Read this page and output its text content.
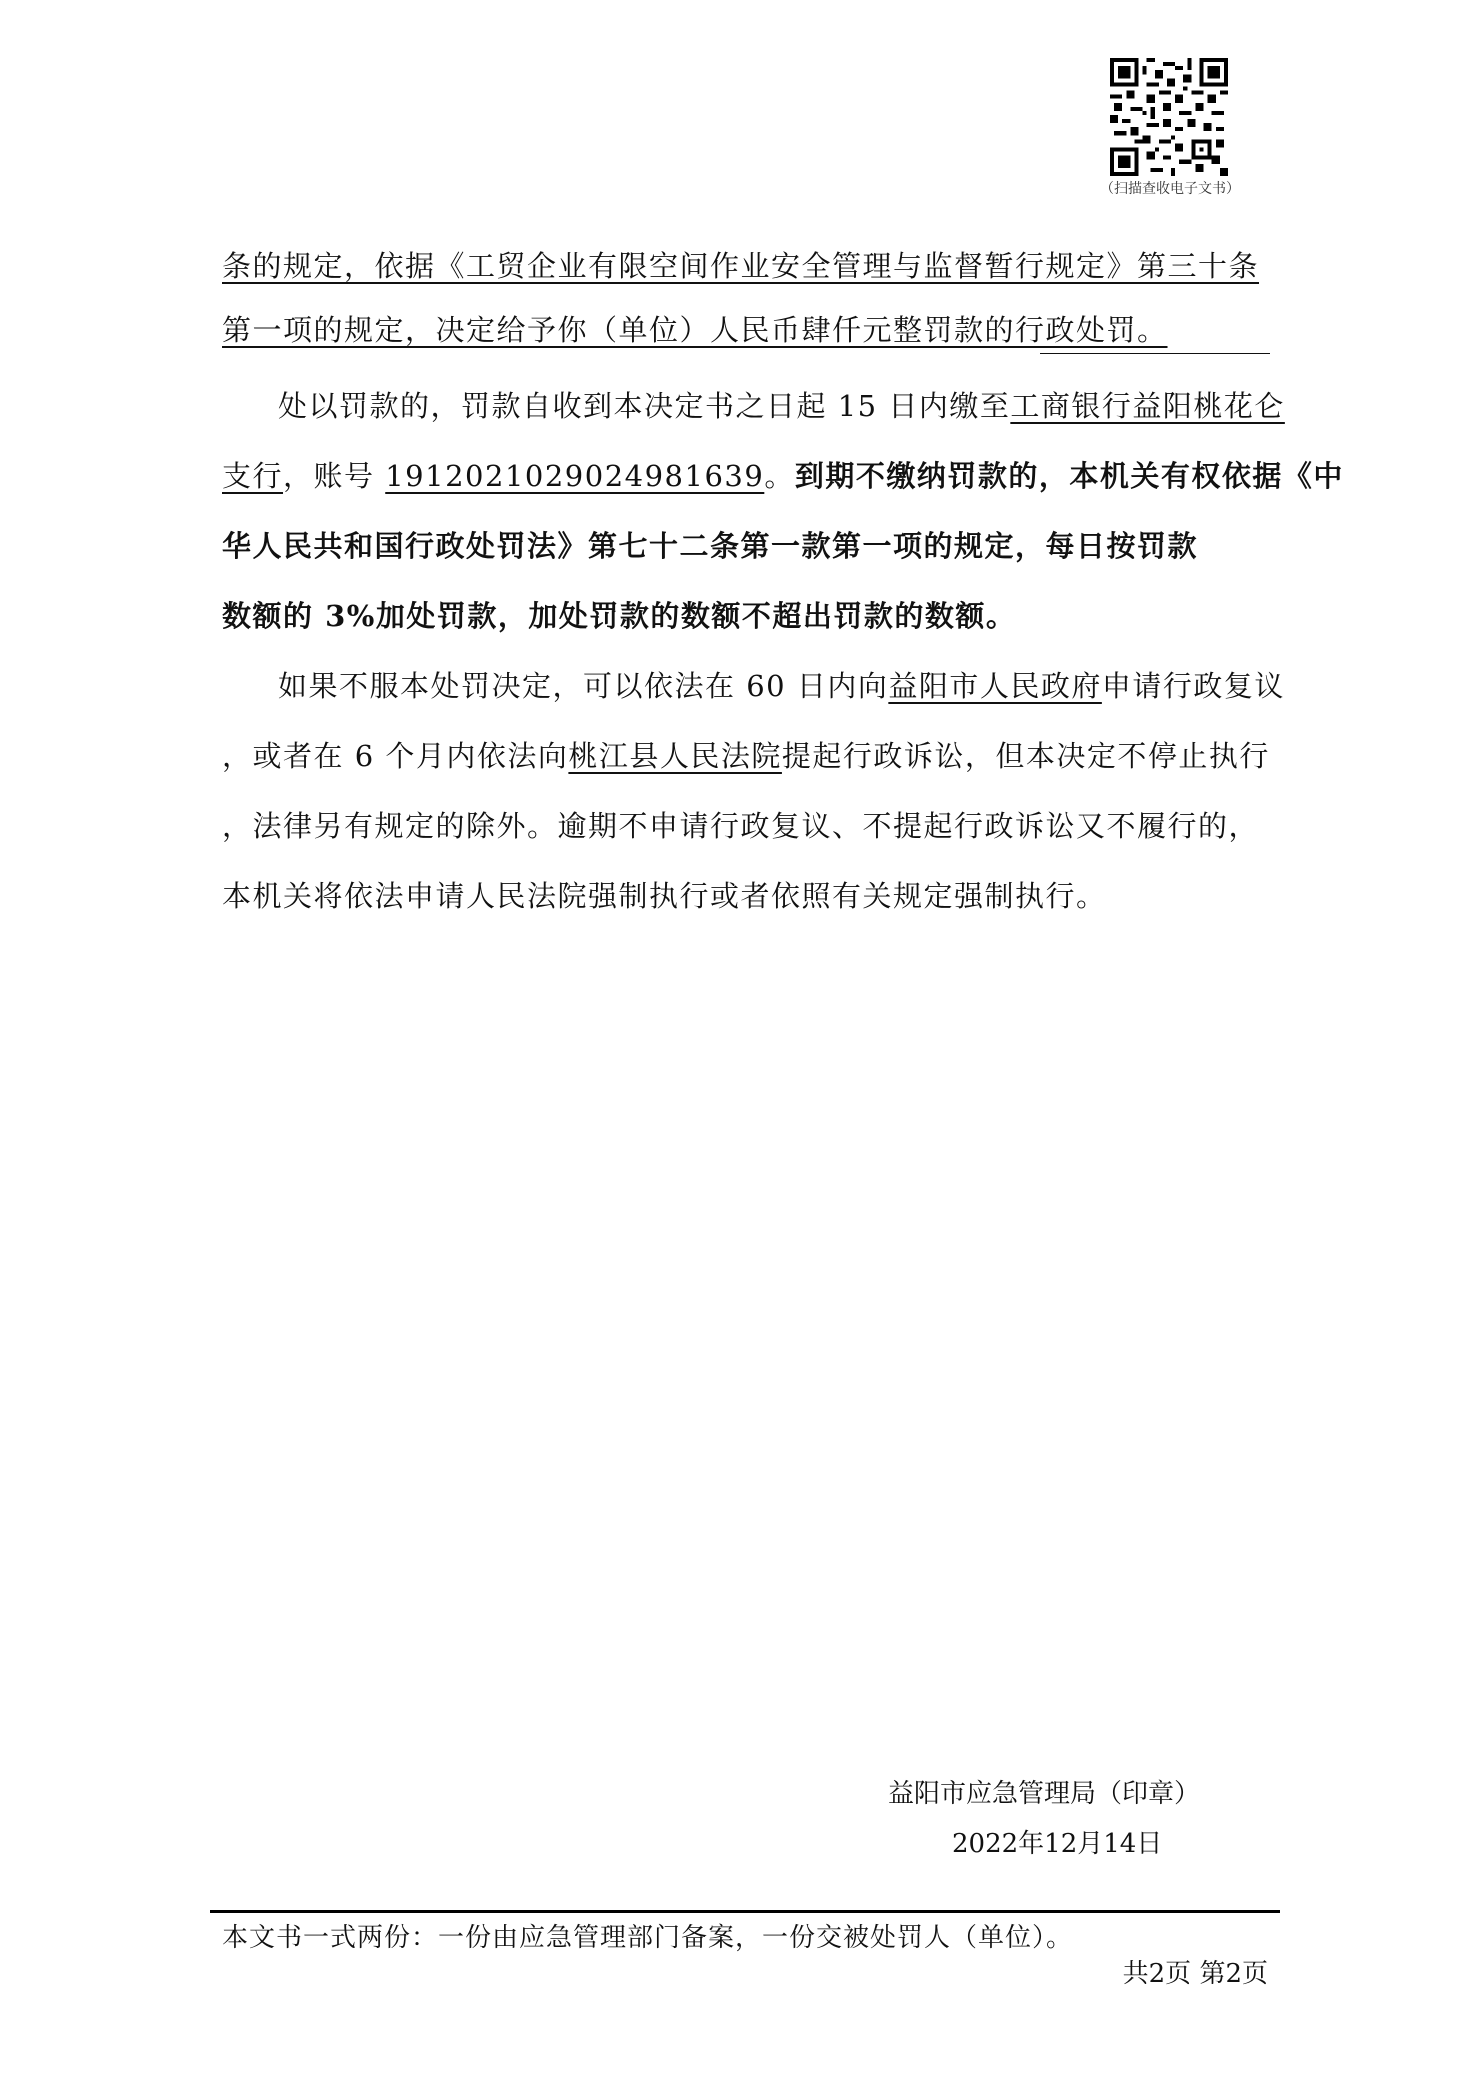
（扫描查收电子文书）
条的规定，依据《工贸企业有限空间作业安全管理与监督暂行规定》第三十条
第一项的规定，决定给予你（单位）人民币肆仟元整罚款的行政处罚。
处以罚款的，罚款自收到本决定书之日起 15 日内缴至工商银行益阳桃花仑
支行，账号 1912021029024981639。到期不缴纳罚款的，本机关有权依据《中
华人民共和国行政处罚法》第七十二条第一款第一项的规定，每日按罚款
数额的 3%加处罚款，加处罚款的数额不超出罚款的数额。
如果不服本处罚决定，可以依法在 60 日内向益阳市人民政府申请行政复议
，或者在 6 个月内依法向桃江县人民法院提起行政诉讼，但本决定不停止执行
，法律另有规定的除外。逾期不申请行政复议、不提起行政诉讼又不履行的，
本机关将依法申请人民法院强制执行或者依照有关规定强制执行。
益阳市应急管理局（印章）
2022年12月14日
本文书一式两份：一份由应急管理部门备案，一份交被处罚人（单位）。
共2页 第2页
